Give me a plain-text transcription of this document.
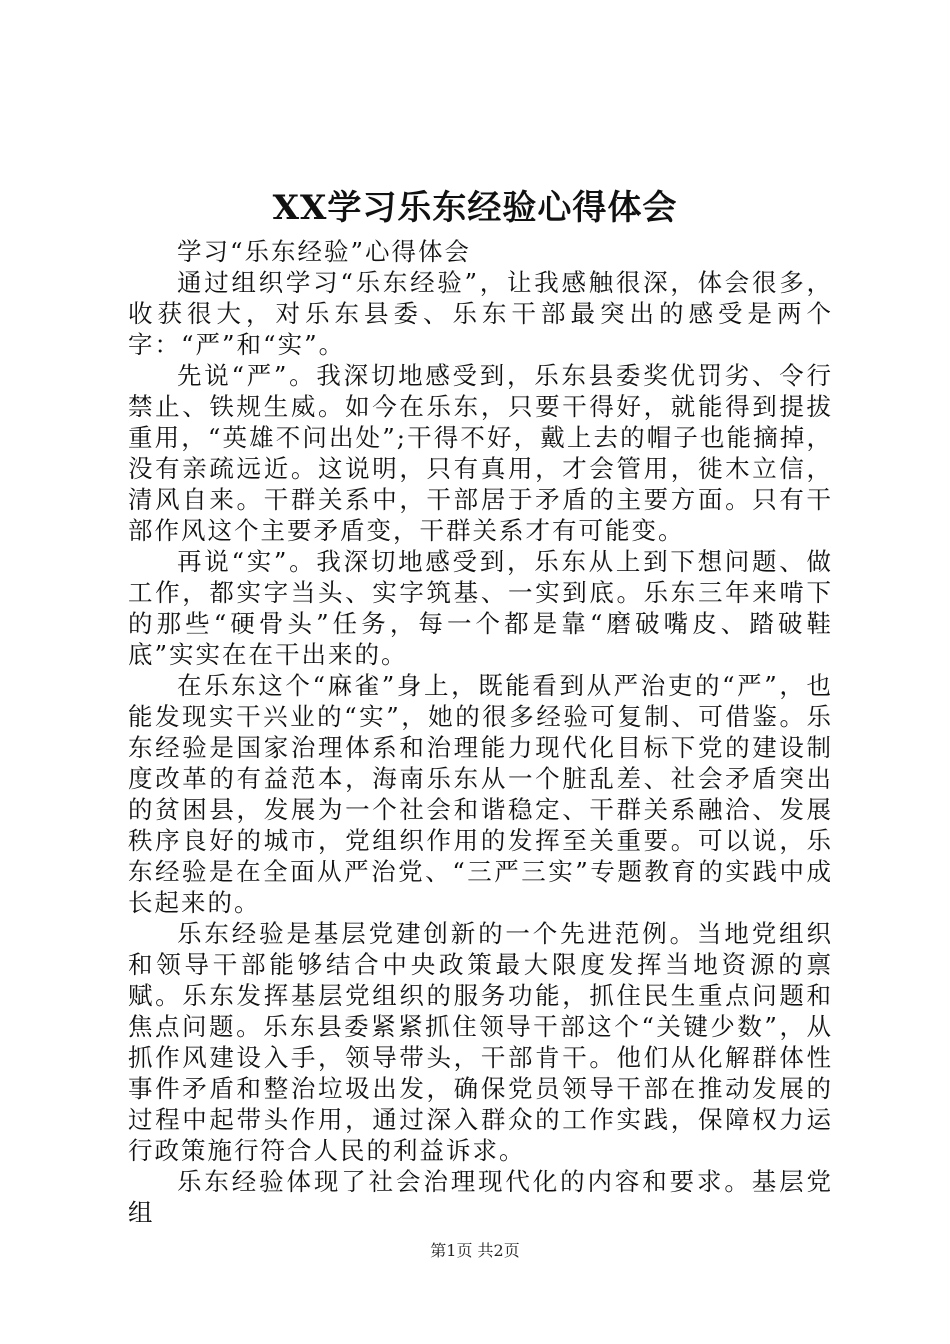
XX学习乐东经验心得体会

学习“乐东经验”心得体会

通过组织学习“乐东经验”，让我感触很深，体会很多，收获很大，对乐东县委、乐东干部最突出的感受是两个字：“严”和“实”。

先说“严”。我深切地感受到，乐东县委奖优罚劣、令行禁止、铁规生威。如今在乐东，只要干得好，就能得到提拔重用，“英雄不问出处”;干得不好，戴上去的帽子也能摘掉，没有亲疏远近。这说明，只有真用，才会管用，徙木立信，清风自来。干群关系中，干部居于矛盾的主要方面。只有干部作风这个主要矛盾变，干群关系才有可能变。

再说“实”。我深切地感受到，乐东从上到下想问题、做工作，都实字当头、实字筑基、一实到底。乐东三年来啃下的那些“硬骨头”任务，每一个都是靠“磨破嘴皮、踏破鞋底”实实在在干出来的。

在乐东这个“麻雀”身上，既能看到从严治吏的“严”，也能发现实干兴业的“实”，她的很多经验可复制、可借鉴。乐东经验是国家治理体系和治理能力现代化目标下党的建设制度改革的有益范本，海南乐东从一个脏乱差、社会矛盾突出的贫困县，发展为一个社会和谐稳定、干群关系融洽、发展秩序良好的城市，党组织作用的发挥至关重要。可以说，乐东经验是在全面从严治党、“三严三实”专题教育的实践中成长起来的。

乐东经验是基层党建创新的一个先进范例。当地党组织和领导干部能够结合中央政策最大限度发挥当地资源的禀赋。乐东发挥基层党组织的服务功能，抓住民生重点问题和焦点问题。乐东县委紧紧抓住领导干部这个“关键少数”，从抓作风建设入手，领导带头，干部肯干。他们从化解群体性事件矛盾和整治垃圾出发，确保党员领导干部在推动发展的过程中起带头作用，通过深入群众的工作实践，保障权力运行政策施行符合人民的利益诉求。

乐东经验体现了社会治理现代化的内容和要求。基层党组

第1页 共2页
